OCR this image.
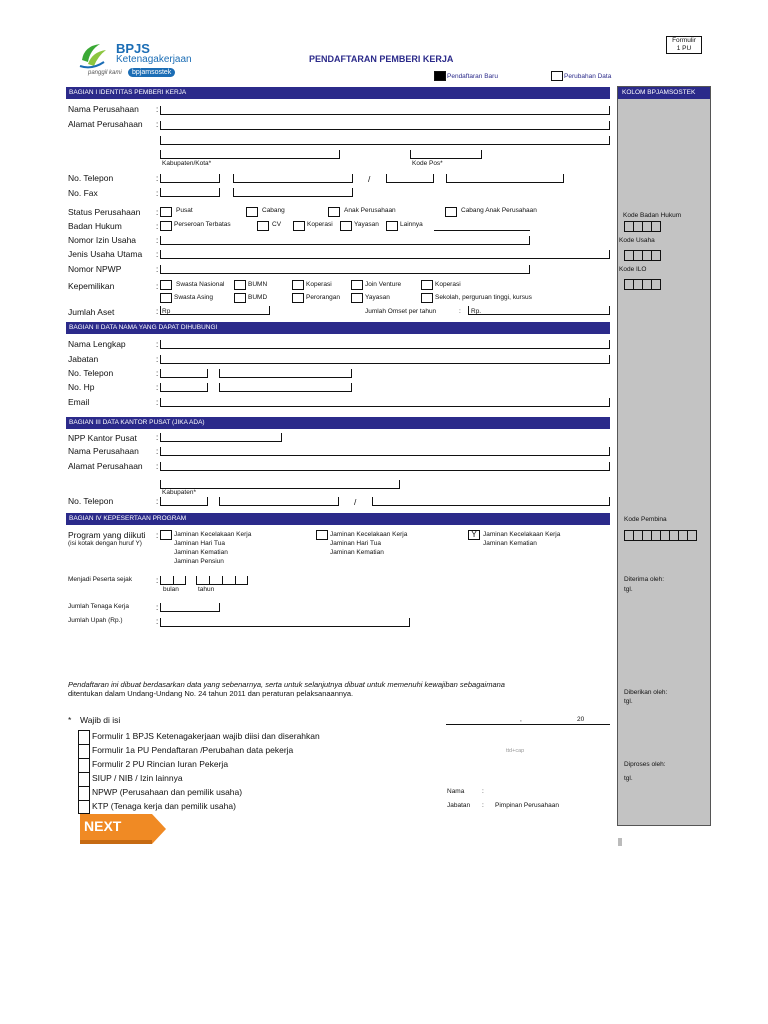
BPJS
Ketenagakerjaan
panggil kami	bpjamsostek
PENDAFTARAN PEMBERI KERJA
Formulir
1 PU
Pendaftaran Baru	Perubahan Data
KOLOM BPJAMSOSTEK
Kode Badan Hukum
Kode Usaha
Kode ILO
Kode Pembina
Diterima oleh:
tgl.
Diberikan oleh:
tgl.
Diproses oleh:
tgl.
BAGIAN I IDENTITAS PEMBERI KERJA
Nama Perusahaan :
Alamat Perusahaan :
Kabupaten/Kota*	Kode Pos*
No. Telepon	:	/
No. Fax	:
Status Perusahaan :	Pusat	Cabang	Anak Perusahaan	Cabang Anak Perusahaan
Badan Hukum	: Perseroan Terbatas	CV	Koperasi	Yayasan	Lainnya
Nomor Izin Usaha :
Jenis Usaha Utama :
Nomor NPWP	:
Kepemilikan	:	Swasta Nasional	BUMN	Koperasi	Join Venture	Koperasi
Swasta Asing	BUMD	Perorangan	Yayasan	Sekolah, perguruan tinggi, kursus
Jumlah Aset	: Rp	Jumlah Omset per tahun	: Rp.
BAGIAN II DATA NAMA YANG DAPAT DIHUBUNGI
Nama Lengkap	:
Jabatan	:
No. Telepon	:
No. Hp	:
Email	:
BAGIAN III DATA KANTOR PUSAT (JIKA ADA)
NPP Kantor Pusat :
Nama Perusahaan :
Alamat Perusahaan :
Kabupaten*
No. Telepon	:	/
BAGIAN IV KEPESERTAAN PROGRAM
Program yang diikuti
(isi kotak dengan huruf Y)
: Jaminan Kecelakaan Kerja
Jaminan Hari Tua
Jaminan Kematian
Jaminan Pensiun
Jaminan Kecelakaan Kerja
Jaminan Hari Tua
Jaminan Kematian
Y Jaminan Kecelakaan Kerja
Jaminan Kematian
Menjadi Peserta sejak	:
bulan	tahun
Jumlah Tenaga Kerja	:
Jumlah Upah (Rp.)	:
Pendaftaran ini dibuat berdasarkan data yang sebenarnya, serta untuk selanjutnya dibuat untuk memenuhi kewajiban sebagaimana
ditentukan dalam Undang-Undang No. 24 tahun 2011 dan peraturan pelaksanaannya.
* Wajib di isi	,	20
ttd+cap
Formulir 1 BPJS Ketenagakerjaan wajib diisi dan diserahkan
Formulir 1a PU Pendaftaran /Perubahan data pekerja
Formulir 2 PU Rincian Iuran Pekerja
SIUP / NIB / Izin lainnya
NPWP (Perusahaan dan pemilik usaha)
KTP (Tenaga kerja dan pemilik usaha)
Nama	:
Jabatan : Pimpinan Perusahaan
NEXT
